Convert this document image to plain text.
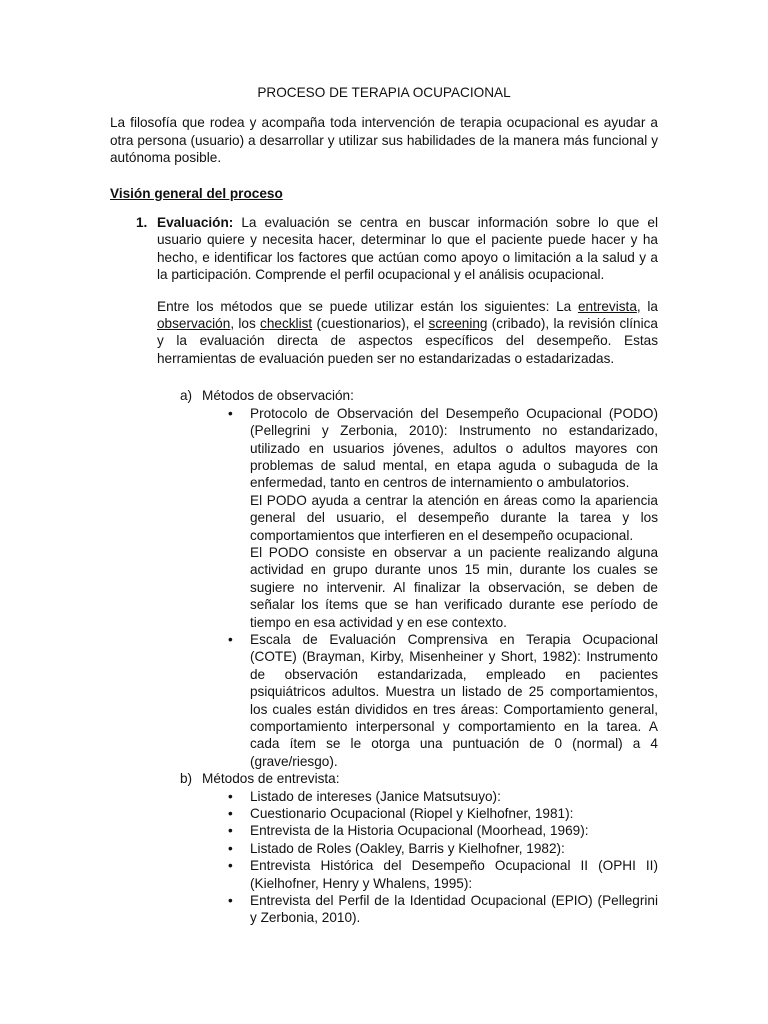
PROCESO DE TERAPIA OCUPACIONAL

La filosofía que rodea y acompaña toda intervención de terapia ocupacional es ayudar a otra persona (usuario) a desarrollar y utilizar sus habilidades de la manera más funcional y autónoma posible.

Visión general del proceso
1. Evaluación: La evaluación se centra en buscar información sobre lo que el usuario quiere y necesita hacer, determinar lo que el paciente puede hacer y ha hecho, e identificar los factores que actúan como apoyo o limitación a la salud y a la participación. Comprende el perfil ocupacional y el análisis ocupacional.

Entre los métodos que se puede utilizar están los siguientes: La entrevista, la observación, los checklist (cuestionarios), el screening (cribado), la revisión clínica y la evaluación directa de aspectos específicos del desempeño. Estas herramientas de evaluación pueden ser no estandarizadas o estadarizadas.

a) Métodos de observación:
• Protocolo de Observación del Desempeño Ocupacional (PODO) (Pellegrini y Zerbonia, 2010): Instrumento no estandarizado, utilizado en usuarios jóvenes, adultos o adultos mayores con problemas de salud mental, en etapa aguda o subaguda de la enfermedad, tanto en centros de internamiento o ambulatorios.
El PODO ayuda a centrar la atención en áreas como la apariencia general del usuario, el desempeño durante la tarea y los comportamientos que interfieren en el desempeño ocupacional.
El PODO consiste en observar a un paciente realizando alguna actividad en grupo durante unos 15 min, durante los cuales se sugiere no intervenir. Al finalizar la observación, se deben de señalar los ítems que se han verificado durante ese período de tiempo en esa actividad y en ese contexto.
• Escala de Evaluación Comprensiva en Terapia Ocupacional (COTE) (Brayman, Kirby, Misenheiner y Short, 1982): Instrumento de observación estandarizada, empleado en pacientes psiquiátricos adultos. Muestra un listado de 25 comportamientos, los cuales están divididos en tres áreas: Comportamiento general, comportamiento interpersonal y comportamiento en la tarea. A cada ítem se le otorga una puntuación de 0 (normal) a 4 (grave/riesgo).
b) Métodos de entrevista:
• Listado de intereses (Janice Matsutsuyo):
• Cuestionario Ocupacional (Riopel y Kielhofner, 1981):
• Entrevista de la Historia Ocupacional (Moorhead, 1969):
• Listado de Roles (Oakley, Barris y Kielhofner, 1982):
• Entrevista Histórica del Desempeño Ocupacional II (OPHI II) (Kielhofner, Henry y Whalens, 1995):
• Entrevista del Perfil de la Identidad Ocupacional (EPIO) (Pellegrini y Zerbonia, 2010).
